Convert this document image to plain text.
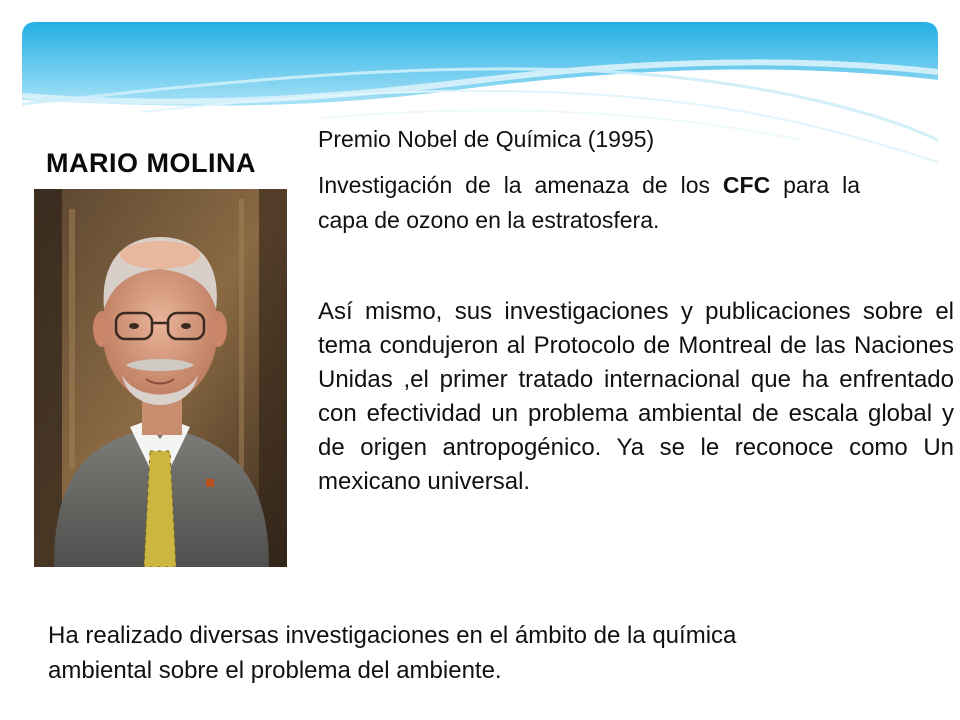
MARIO MOLINA
Premio Nobel de Química (1995)
Investigación de la amenaza de los CFC para la capa de ozono en la estratosfera.
Así mismo, sus investigaciones y publicaciones sobre el tema condujeron al Protocolo de Montreal de las Naciones Unidas ,el primer tratado internacional que ha enfrentado con efectividad un problema ambiental de escala global y de origen antropogénico. Ya se le reconoce como Un mexicano universal.
Ha realizado diversas investigaciones en el ámbito de la química ambiental sobre el problema del ambiente.
